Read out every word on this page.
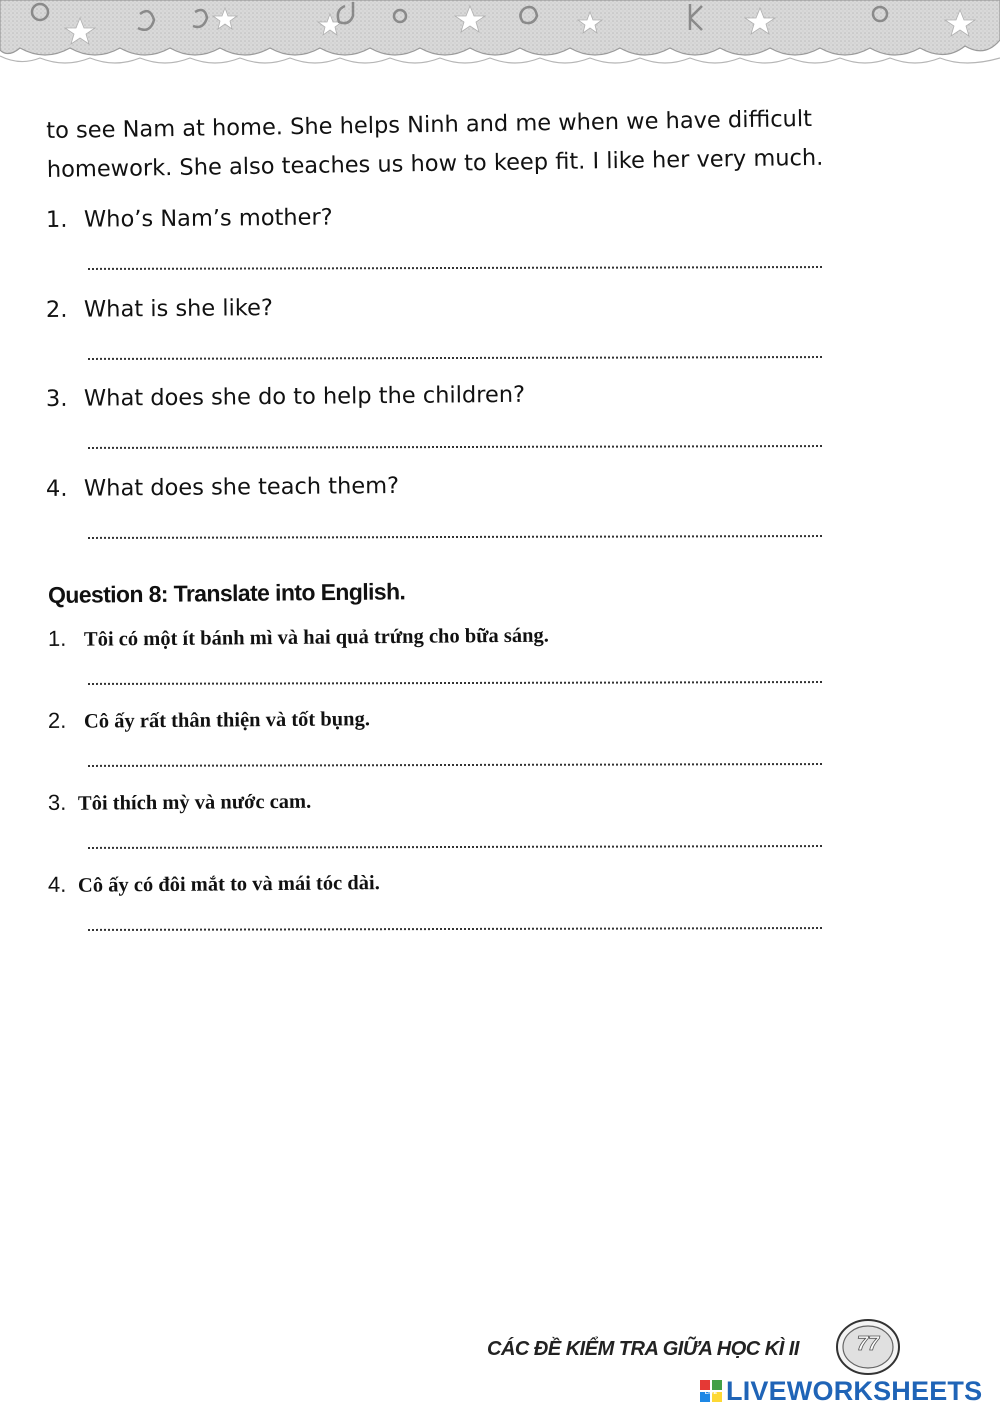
to see Nam at home. She helps Ninh and me when we have difficult
homework. She also teaches us how to keep fit. I like her very much.
1. Who’s Nam’s mother?
2. What is she like?
3. What does she do to help the children?
4. What does she teach them?
Question 8: Translate into English.
1. Tôi có một ít bánh mì và hai quả trứng cho bữa sáng.
2. Cô ấy rất thân thiện và tốt bụng.
3. Tôi thích mỳ và nước cam.
4. Cô ấy có đôi mắt to và mái tóc dài.
CÁC ĐỀ KIỂM TRA GIỮA HỌC KÌ II	77
LIVE LIVEWORKSHEETS
